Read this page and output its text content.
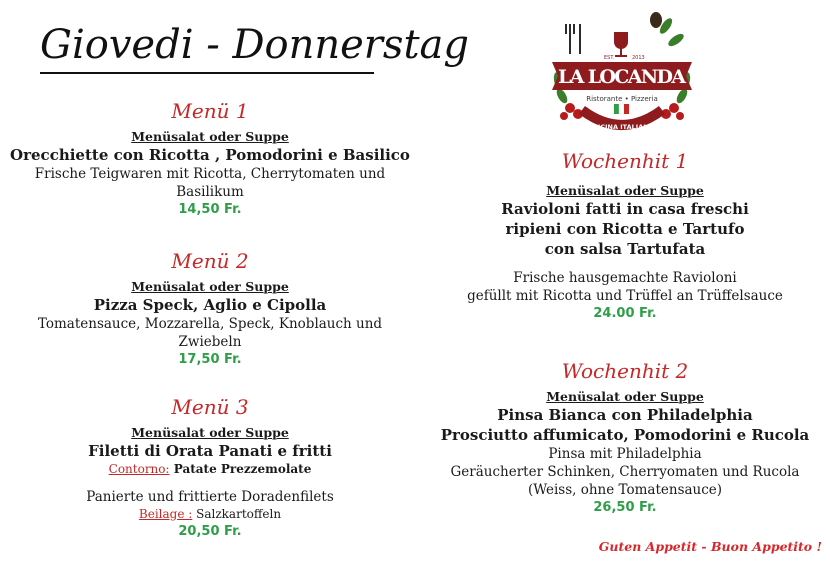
Giovedi - Donnerstag
LA LOCANDA
EST.	2013
Ristorante • Pizzeria
CUCINA ITALIANA
Menü 1
Menüsalat oder Suppe
Orecchiette con Ricotta , Pomodorini e Basilico
Frische Teigwaren mit Ricotta, Cherrytomaten und Basilikum
14,50 Fr.
Menü 2
Menüsalat oder Suppe
Pizza Speck, Aglio e Cipolla
Tomatensauce, Mozzarella, Speck, Knoblauch und Zwiebeln
17,50 Fr.
Menü 3
Menüsalat oder Suppe
Filetti di Orata Panati e fritti
Contorno: Patate Prezzemolate
Panierte und frittierte Doradenfilets
Beilage : Salzkartoffeln
20,50 Fr.
Wochenhit 1
Menüsalat oder Suppe
Ravioloni fatti in casa freschi
ripieni con Ricotta e Tartufo
con salsa Tartufata
Frische hausgemachte Ravioloni
gefüllt mit Ricotta und Trüffel an Trüffelsauce
24.00 Fr.
Wochenhit 2
Menüsalat oder Suppe
Pinsa Bianca con Philadelphia
Prosciutto affumicato, Pomodorini e Rucola
Pinsa mit Philadelphia
Geräucherter Schinken, Cherryomaten und Rucola
(Weiss, ohne Tomatensauce)
26,50 Fr.
Guten Appetit - Buon Appetito !
